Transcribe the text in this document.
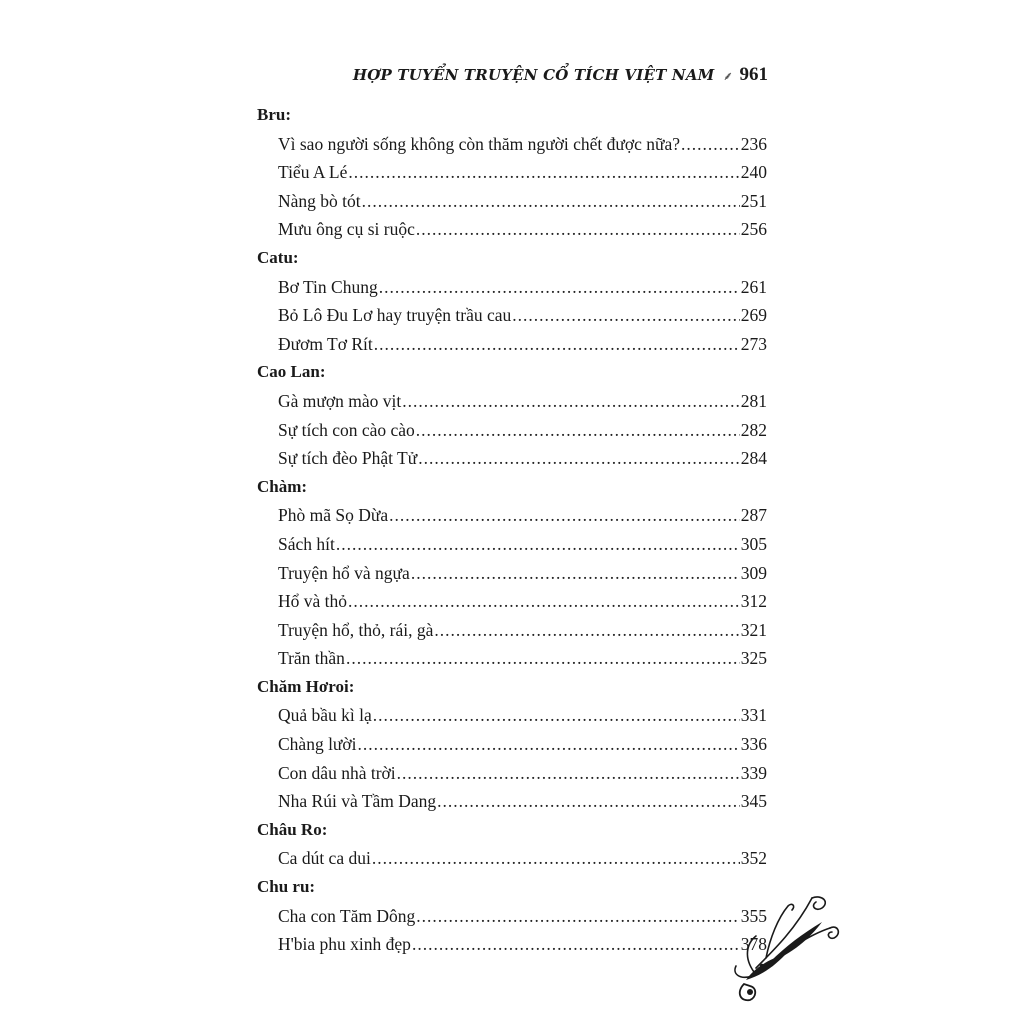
HỢP TUYỂN TRUYỆN CỔ TÍCH VIỆT NAM ⸙ 961
Bru:
Vì sao người sống không còn thăm người chết được nữa? .....	236
Tiểu A Lé .....	240
Nàng bò tót .....	251
Mưu ông cụ si ruộc .....	256
Catu:
Bơ Tin Chung .....	261
Bỏ Lô Đu Lơ hay truyện trầu cau .....	269
Đươm Tơ Rít .....	273
Cao Lan:
Gà mượn mào vịt .....	281
Sự tích con cào cào .....	282
Sự tích đèo Phật Tử .....	284
Chàm:
Phò mã Sọ Dừa .....	287
Sách hít .....	305
Truyện hổ và ngựa .....	309
Hổ và thỏ .....	312
Truyện hổ, thỏ, rái, gà .....	321
Trăn thần .....	325
Chăm Hơroi:
Quả bầu kì lạ .....	331
Chàng lười .....	336
Con dâu nhà trời .....	339
Nha Rúi và Tầm Dang .....	345
Châu Ro:
Ca dút ca dui .....	352
Chu ru:
Cha con Tăm Dông .....	355
H'bia phu xinh đẹp .....	378
